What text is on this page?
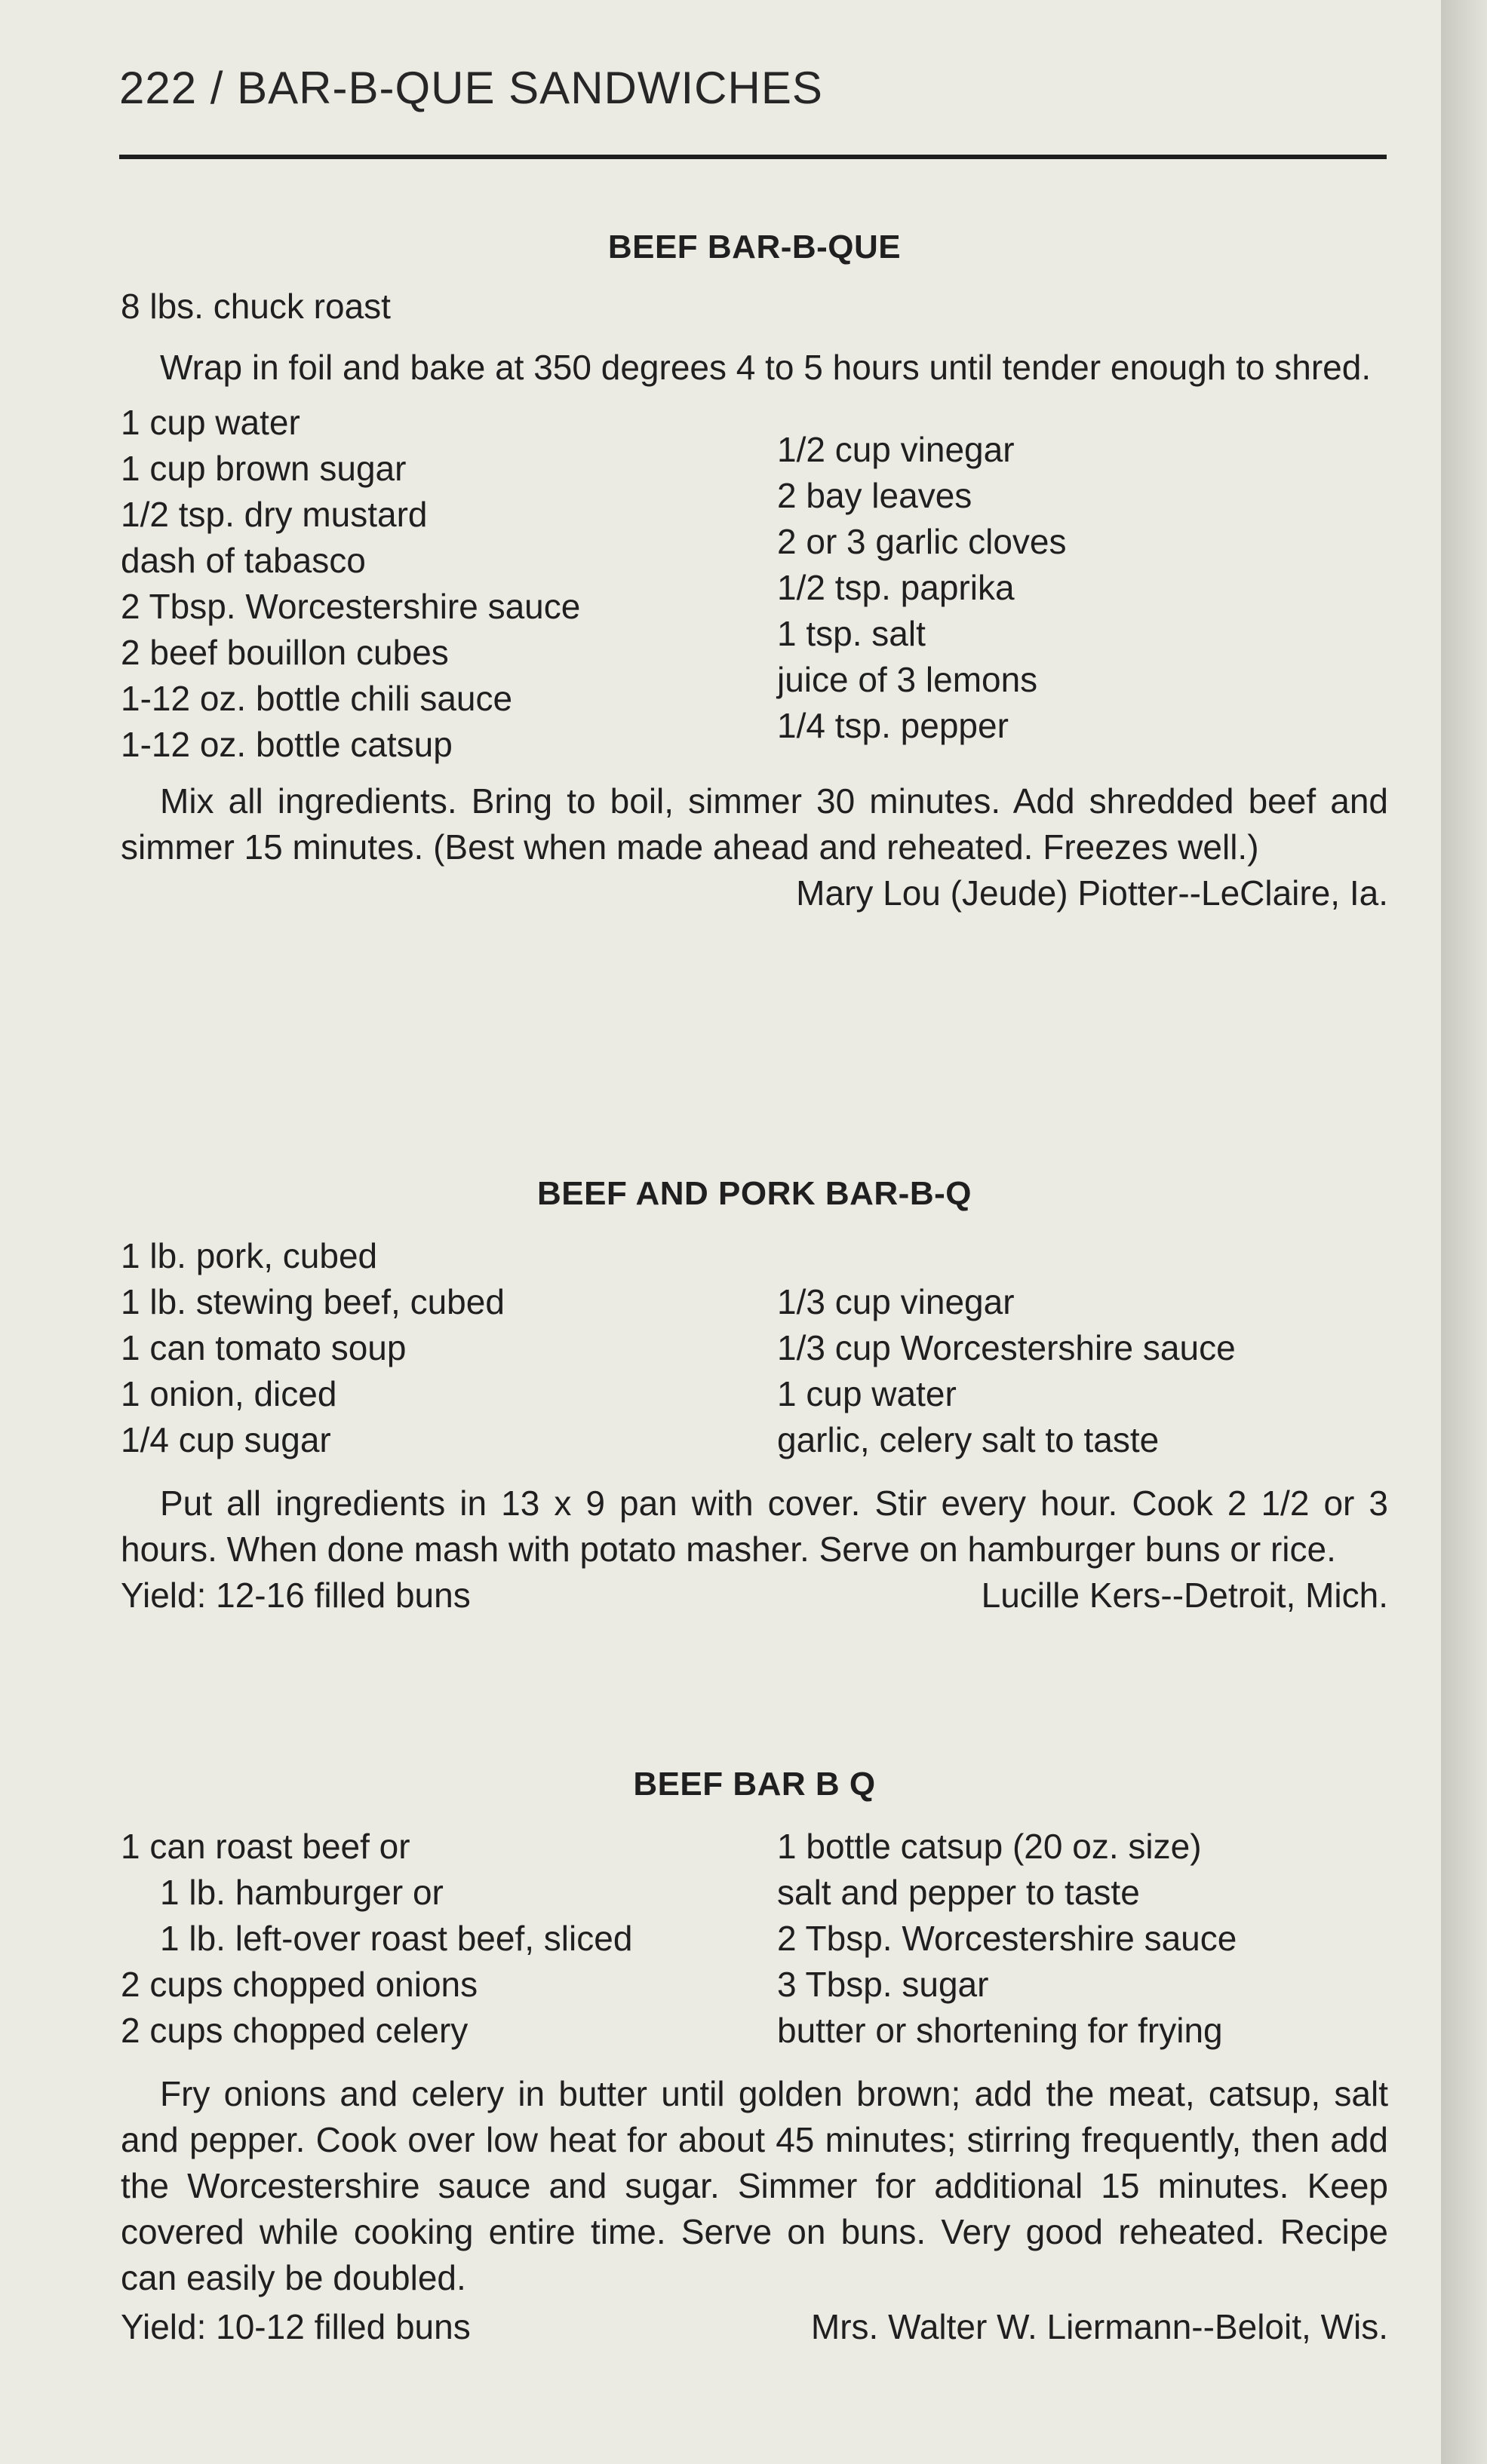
222 / BAR-B-QUE SANDWICHES
BEEF BAR-B-QUE
8 lbs. chuck roast

Wrap in foil and bake at 350 degrees 4 to 5 hours until tender enough to shred.

1 cup water
1 cup brown sugar
1/2 tsp. dry mustard
dash of tabasco
2 Tbsp. Worcestershire sauce
2 beef bouillon cubes
1-12 oz. bottle chili sauce
1-12 oz. bottle catsup
1/2 cup vinegar
2 bay leaves
2 or 3 garlic cloves
1/2 tsp. paprika
1 tsp. salt
juice of 3 lemons
1/4 tsp. pepper

Mix all ingredients. Bring to boil, simmer 30 minutes. Add shredded beef and simmer 15 minutes. (Best when made ahead and reheated. Freezes well.)

Mary Lou (Jeude) Piotter--LeClaire, Ia.
BEEF AND PORK BAR-B-Q
1 lb. pork, cubed
1 lb. stewing beef, cubed
1 can tomato soup
1 onion, diced
1/4 cup sugar
1/3 cup vinegar
1/3 cup Worcestershire sauce
1 cup water
garlic, celery salt to taste

Put all ingredients in 13 x 9 pan with cover. Stir every hour. Cook 2 1/2 or 3 hours. When done mash with potato masher. Serve on hamburger buns or rice.

Yield: 12-16 filled buns	Lucille Kers--Detroit, Mich.
BEEF BAR B Q
1 can roast beef or
1 lb. hamburger or
1 lb. left-over roast beef, sliced
2 cups chopped onions
2 cups chopped celery
1 bottle catsup (20 oz. size)
salt and pepper to taste
2 Tbsp. Worcestershire sauce
3 Tbsp. sugar
butter or shortening for frying

Fry onions and celery in butter until golden brown; add the meat, catsup, salt and pepper. Cook over low heat for about 45 minutes; stirring frequently, then add the Worcestershire sauce and sugar. Simmer for additional 15 minutes. Keep covered while cooking entire time. Serve on buns. Very good reheated. Recipe can easily be doubled.

Yield: 10-12 filled buns	Mrs. Walter W. Liermann--Beloit, Wis.
